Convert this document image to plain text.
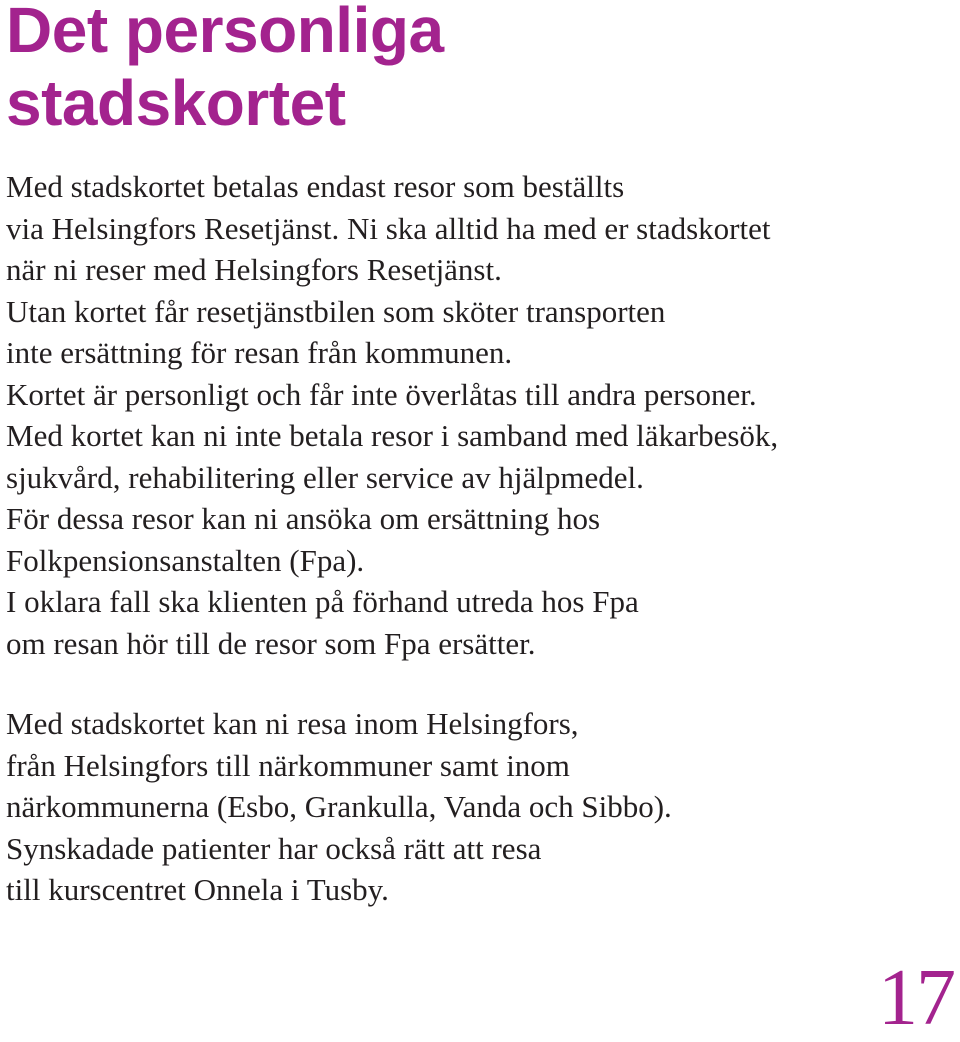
Det personliga
stadskortet
Med stadskortet betalas endast resor som beställts
via Helsingfors Resetjänst. Ni ska alltid ha med er stadskortet
när ni reser med Helsingfors Resetjänst.
Utan kortet får resetjänstbilen som sköter transporten
inte ersättning för resan från kommunen.
Kortet är personligt och får inte överlåtas till andra personer.
Med kortet kan ni inte betala resor i samband med läkarbesök,
sjukvård, rehabilitering eller service av hjälpmedel.
För dessa resor kan ni ansöka om ersättning hos
Folkpensionsanstalten (Fpa).
I oklara fall ska klienten på förhand utreda hos Fpa
om resan hör till de resor som Fpa ersätter.
Med stadskortet kan ni resa inom Helsingfors,
från Helsingfors till närkommuner samt inom
närkommunerna (Esbo, Grankulla, Vanda och Sibbo).
Synskadade patienter har också rätt att resa
till kurscentret Onnela i Tusby.
17
